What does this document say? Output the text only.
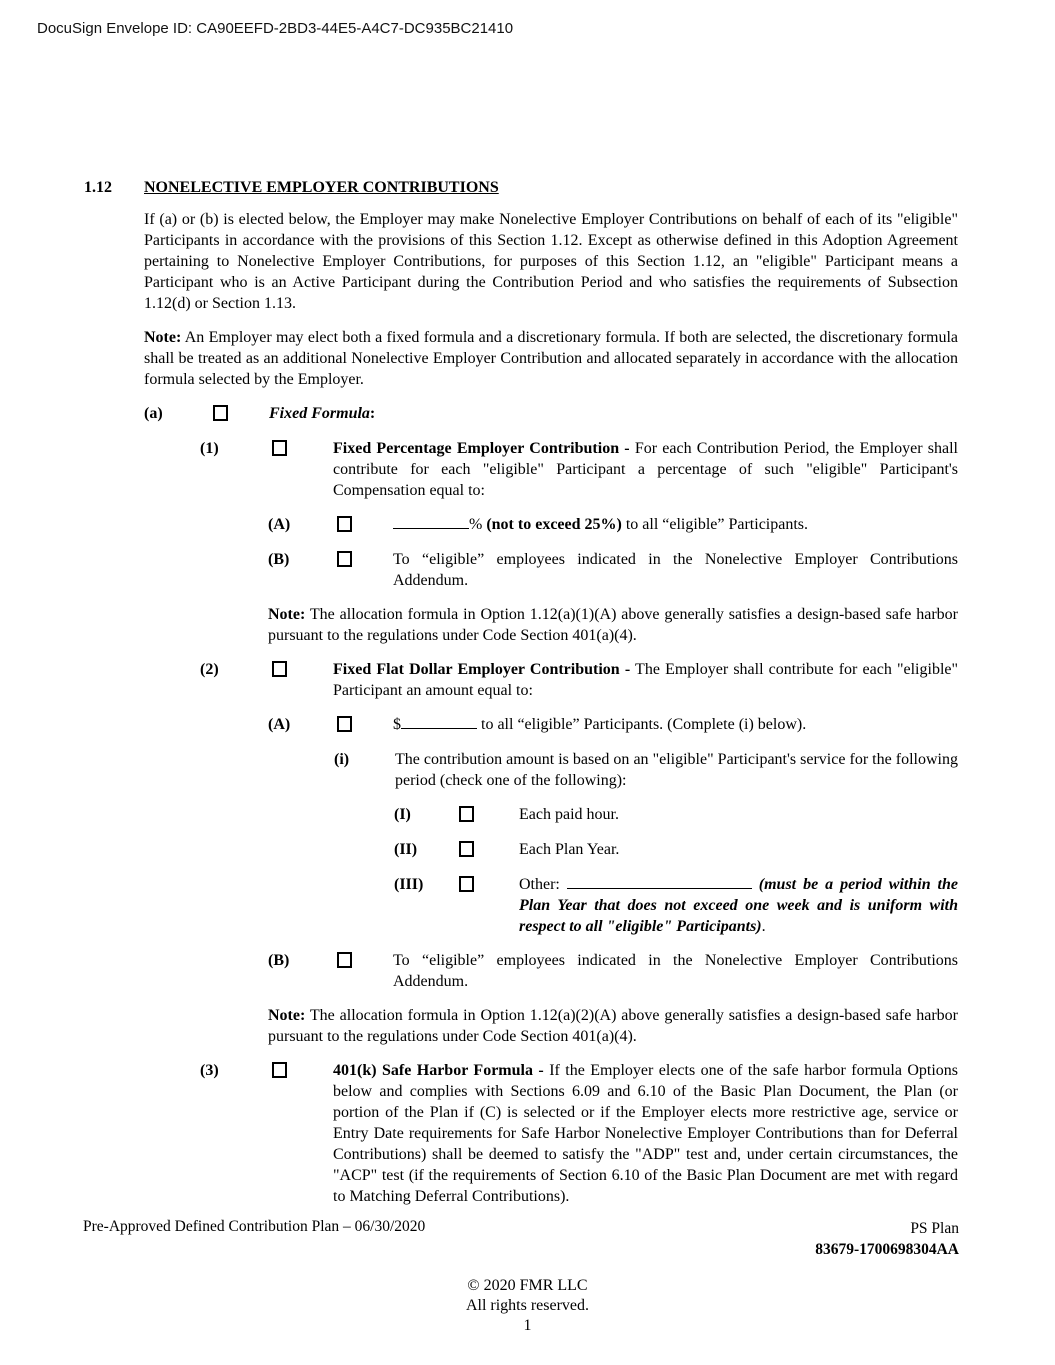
DocuSign Envelope ID: CA90EEFD-2BD3-44E5-A4C7-DC935BC21410
1.12	NONELECTIVE EMPLOYER CONTRIBUTIONS

If (a) or (b) is elected below, the Employer may make Nonelective Employer Contributions on behalf of each of its "eligible" Participants in accordance with the provisions of this Section 1.12. Except as otherwise defined in this Adoption Agreement pertaining to Nonelective Employer Contributions, for purposes of this Section 1.12, an "eligible" Participant means a Participant who is an Active Participant during the Contribution Period and who satisfies the requirements of Subsection 1.12(d) or Section 1.13.

Note: An Employer may elect both a fixed formula and a discretionary formula. If both are selected, the discretionary formula shall be treated as an additional Nonelective Employer Contribution and allocated separately in accordance with the allocation formula selected by the Employer.

(a)	Fixed Formula:
(1)	Fixed Percentage Employer Contribution - For each Contribution Period, the Employer shall contribute for each "eligible" Participant a percentage of such "eligible" Participant's Compensation equal to:
(A)	% (not to exceed 25%) to all “eligible” Participants.
(B)	To “eligible” employees indicated in the Nonelective Employer Contributions Addendum.

Note: The allocation formula in Option 1.12(a)(1)(A) above generally satisfies a design-based safe harbor pursuant to the regulations under Code Section 401(a)(4).

(2)	Fixed Flat Dollar Employer Contribution - The Employer shall contribute for each "eligible" Participant an amount equal to:
(A)	$	to all “eligible” Participants. (Complete (i) below).
(i)	The contribution amount is based on an "eligible" Participant's service for the following period (check one of the following):
(I)	Each paid hour.
(II)	Each Plan Year.
(III)	Other:	(must be a period within the Plan Year that does not exceed one week and is uniform with respect to all "eligible" Participants).
(B)	To “eligible” employees indicated in the Nonelective Employer Contributions Addendum.

Note: The allocation formula in Option 1.12(a)(2)(A) above generally satisfies a design-based safe harbor pursuant to the regulations under Code Section 401(a)(4).

(3)	401(k) Safe Harbor Formula - If the Employer elects one of the safe harbor formula Options below and complies with Sections 6.09 and 6.10 of the Basic Plan Document, the Plan (or portion of the Plan if (C) is selected or if the Employer elects more restrictive age, service or Entry Date requirements for Safe Harbor Nonelective Employer Contributions than for Deferral Contributions) shall be deemed to satisfy the "ADP" test and, under certain circumstances, the "ACP" test (if the requirements of Section 6.10 of the Basic Plan Document are met with regard to Matching Deferral Contributions).
Pre-Approved Defined Contribution Plan – 06/30/2020	PS Plan
83679-1700698304AA
© 2020 FMR LLC
All rights reserved.
1
